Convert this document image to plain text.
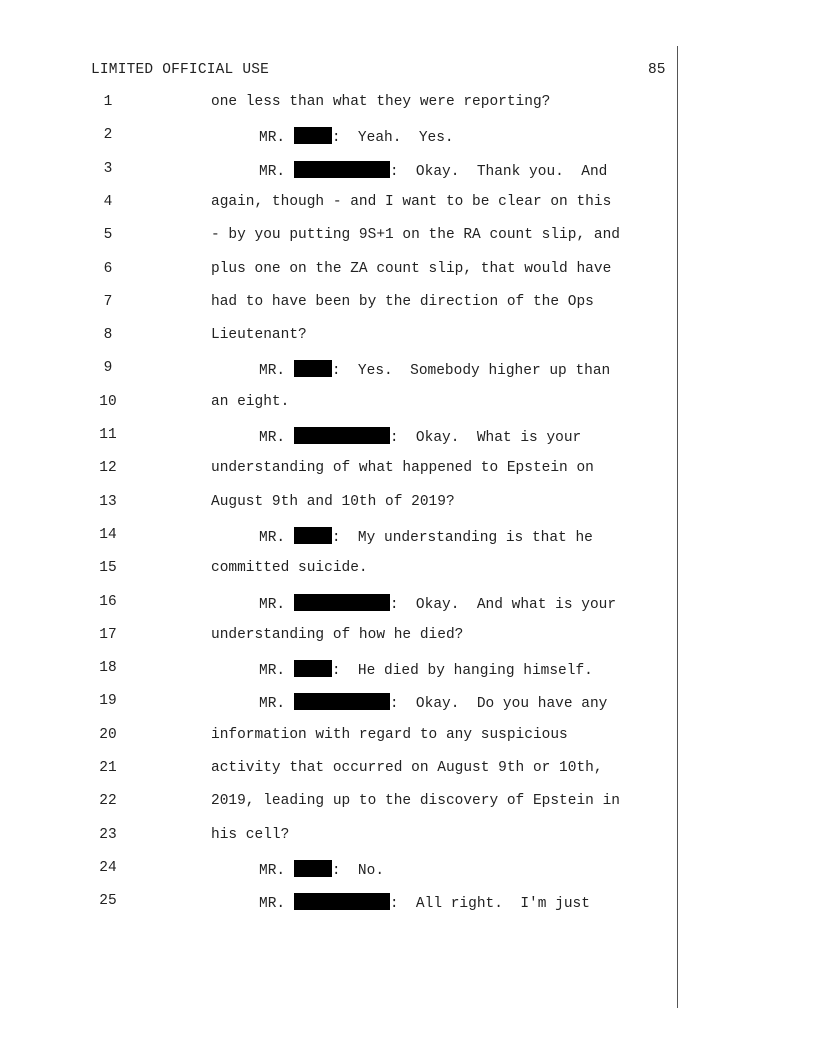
LIMITED OFFICIAL USE	85
1	one less than what they were reporting?
2	MR.	:  Yeah.  Yes.
3	MR.	:  Okay.  Thank you.  And
4	again, though - and I want to be clear on this
5	- by you putting 9S+1 on the RA count slip, and
6	plus one on the ZA count slip, that would have
7	had to have been by the direction of the Ops
8	Lieutenant?
9	MR.	:  Yes.  Somebody higher up than
10	an eight.
11	MR.	:  Okay.  What is your
12	understanding of what happened to Epstein on
13	August 9th and 10th of 2019?
14	MR.	:  My understanding is that he
15	committed suicide.
16	MR.	:  Okay.  And what is your
17	understanding of how he died?
18	MR.	:  He died by hanging himself.
19	MR.	:  Okay.  Do you have any
20	information with regard to any suspicious
21	activity that occurred on August 9th or 10th,
22	2019, leading up to the discovery of Epstein in
23	his cell?
24	MR.	:  No.
25	MR.	:  All right.  I'm just
